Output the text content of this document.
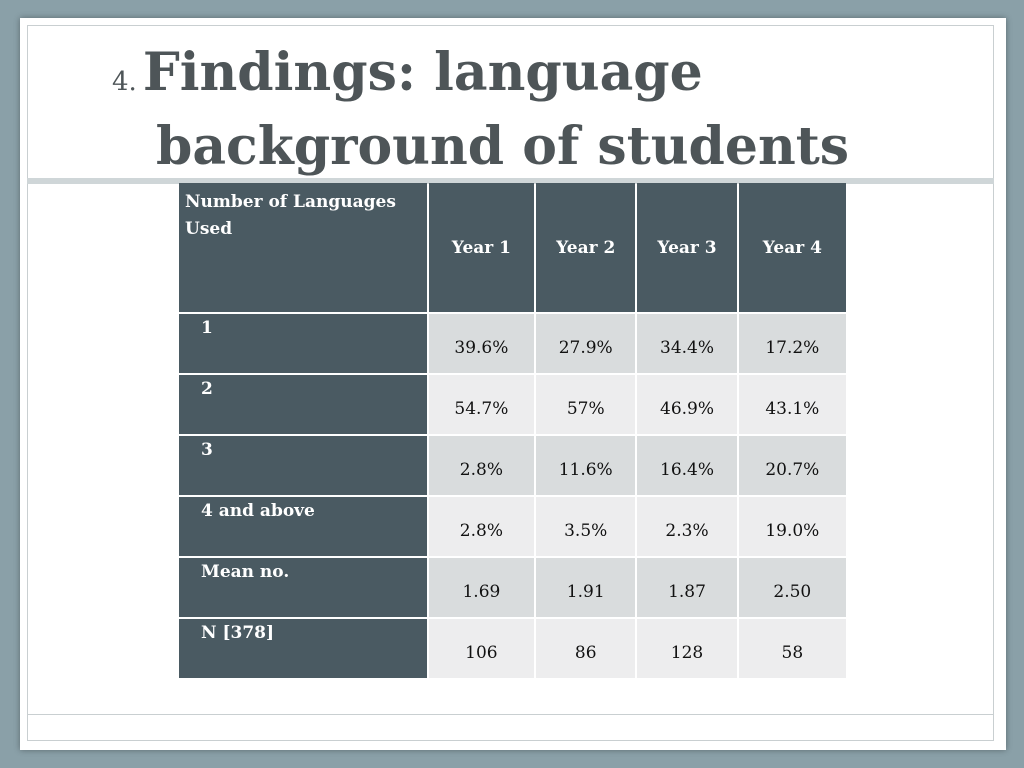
4. Findings: language
background of students
Number of Languages Used	Year 1	Year 2	Year 3	Year 4
1	39.6%	27.9%	34.4%	17.2%
2	54.7%	57%	46.9%	43.1%
3	2.8%	11.6%	16.4%	20.7%
4 and above	2.8%	3.5%	2.3%	19.0%
Mean no.	1.69	1.91	1.87	2.50
N [378]	106	86	128	58
